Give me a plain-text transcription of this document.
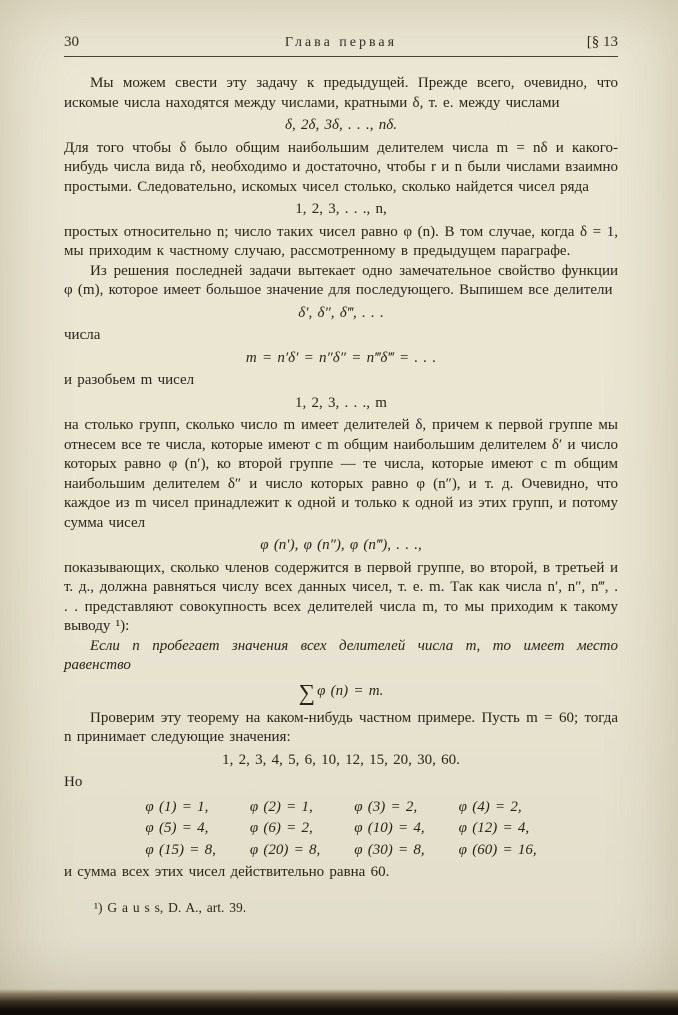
30	Глава первая	[§ 13

Мы можем свести эту задачу к предыдущей. Прежде всего, очевидно, что искомые числа находятся между числами, кратными δ, т. е. между числами

δ, 2δ, 3δ, . . ., nδ.

Для того чтобы δ было общим наибольшим делителем числа m = nδ и какого-нибудь числа вида rδ, необходимо и достаточно, чтобы r и n были числами взаимно простыми. Следовательно, искомых чисел столько, сколько найдется чисел ряда

1, 2, 3, . . ., n,

простых относительно n; число таких чисел равно φ (n). В том случае, когда δ = 1, мы приходим к частному случаю, рассмотренному в предыдущем параграфе.

Из решения последней задачи вытекает одно замечательное свойство функции φ (m), которое имеет большое значение для последующего. Выпишем все делители

δ′, δ″, δ‴, . . .

числа

m = n′δ′ = n″δ″ = n‴δ‴ = . . .

и разобьем m чисел

1, 2, 3, . . ., m

на столько групп, сколько число m имеет делителей δ, причем к первой группе мы отнесем все те числа, которые имеют с m общим наибольшим делителем δ′ и число которых равно φ (n′), ко второй группе — те числа, которые имеют с m общим наибольшим делителем δ″ и число которых равно φ (n″), и т. д. Очевидно, что каждое из m чисел принадлежит к одной и только к одной из этих групп, и потому сумма чисел

φ (n′), φ (n″), φ (n‴), . . .,

показывающих, сколько членов содержится в первой группе, во второй, в третьей и т. д., должна равняться числу всех данных чисел, т. е. m. Так как числа n′, n″, n‴, . . . представляют совокупность всех делителей числа m, то мы приходим к такому выводу ¹):

Если n пробегает значения всех делителей числа m, то имеет место равенство

∑ φ (n) = m.

Проверим эту теорему на каком-нибудь частном примере. Пусть m = 60; тогда n принимает следующие значения:

1, 2, 3, 4, 5, 6, 10, 12, 15, 20, 30, 60.

Но

φ (1) = 1,	φ (2) = 1,	φ (3) = 2,	φ (4) = 2,
φ (5) = 4,	φ (6) = 2,	φ (10) = 4,	φ (12) = 4,
φ (15) = 8,	φ (20) = 8,	φ (30) = 8,	φ (60) = 16,

и сумма всех этих чисел действительно равна 60.

¹) G a u s s, D. A., art. 39.
